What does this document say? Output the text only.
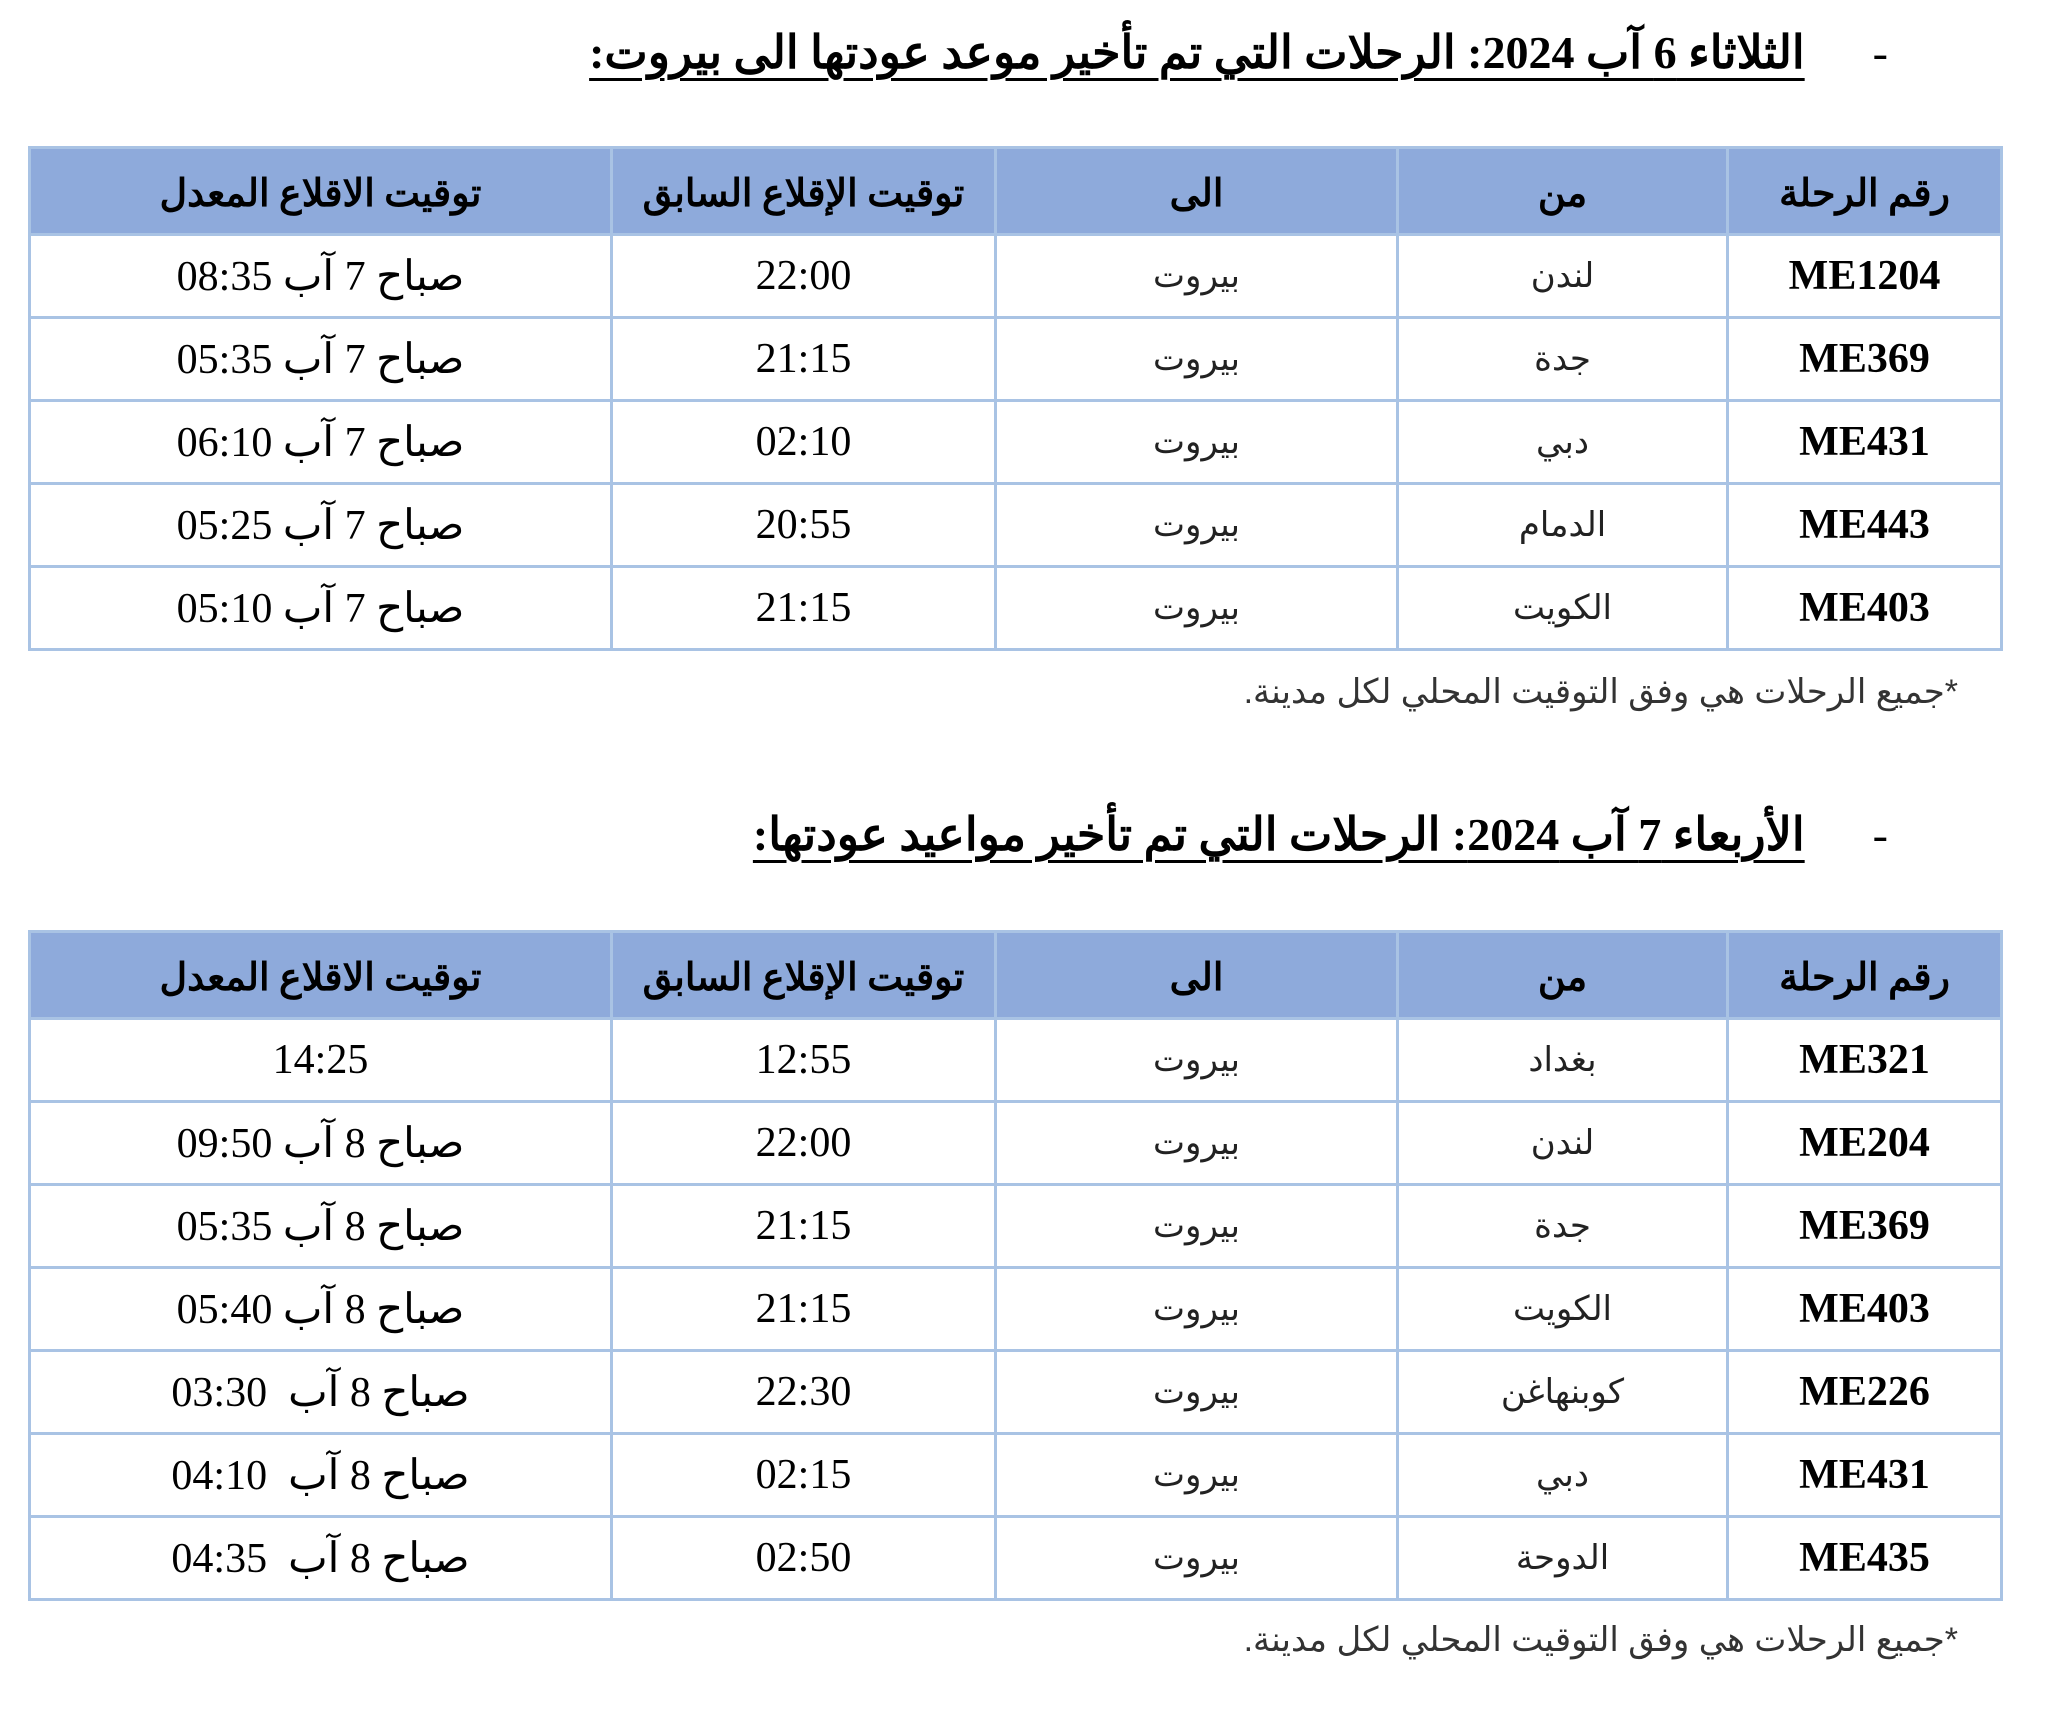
-
الثلاثاء 6 آب 2024: الرحلات التي تم تأخير موعد عودتها الى بيروت:
رقم الرحلة	من	الى	توقيت الإقلاع السابق	توقيت الاقلاع المعدل
ME1204	لندن	بيروت	22:00	08:35 صباح 7 آب
ME369	جدة	بيروت	21:15	05:35 صباح 7 آب
ME431	دبي	بيروت	02:10	06:10 صباح 7 آب
ME443	الدمام	بيروت	20:55	05:25 صباح 7 آب
ME403	الكويت	بيروت	21:15	05:10 صباح 7 آب
*جميع الرحلات هي وفق التوقيت المحلي لكل مدينة.
-
الأربعاء 7 آب 2024: الرحلات التي تم تأخير مواعيد عودتها:
رقم الرحلة	من	الى	توقيت الإقلاع السابق	توقيت الاقلاع المعدل
ME321	بغداد	بيروت	12:55	14:25
ME204	لندن	بيروت	22:00	09:50 صباح 8 آب
ME369	جدة	بيروت	21:15	05:35 صباح 8 آب
ME403	الكويت	بيروت	21:15	05:40 صباح 8 آب
ME226	كوبنهاغن	بيروت	22:30	03:30  صباح 8 آب
ME431	دبي	بيروت	02:15	04:10  صباح 8 آب
ME435	الدوحة	بيروت	02:50	04:35  صباح 8 آب
*جميع الرحلات هي وفق التوقيت المحلي لكل مدينة.
